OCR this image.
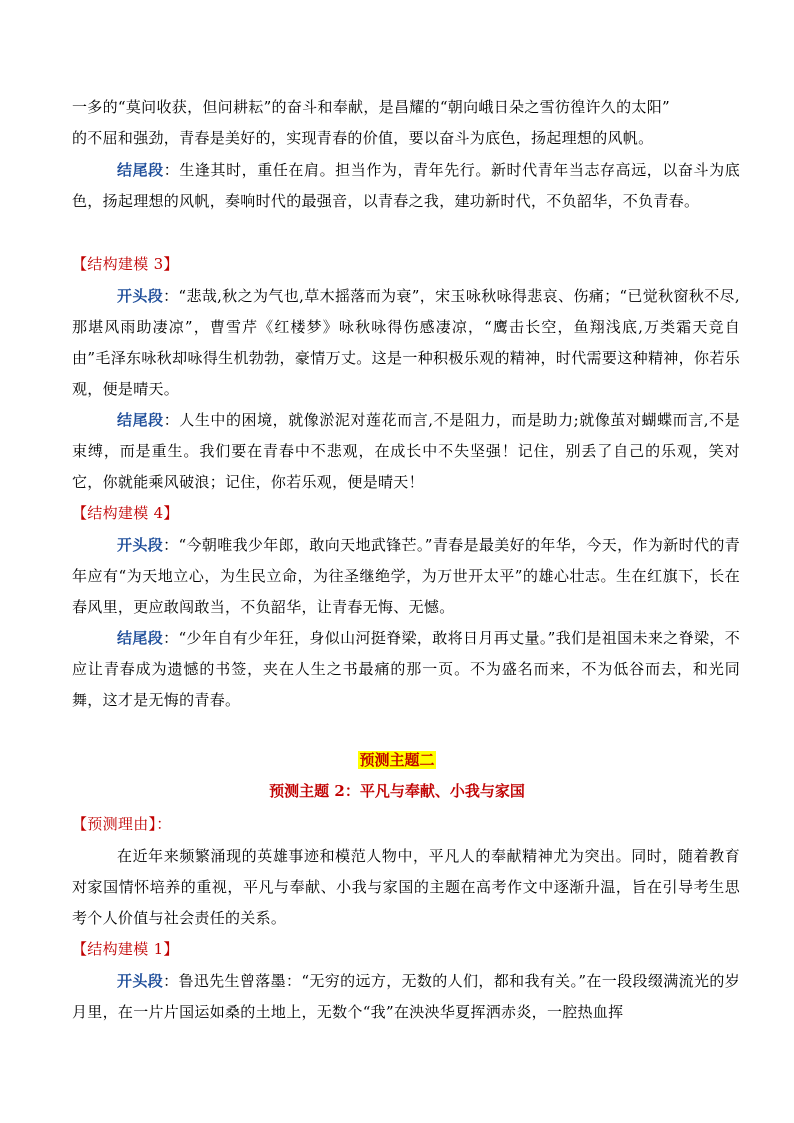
一多的“莫问收获，但问耕耘”的奋斗和奉献，是昌耀的“朝向峨日朵之雪彷徨许久的太阳”
的不屈和强劲，青春是美好的，实现青春的价值，要以奋斗为底色，扬起理想的风帆。

结尾段：生逢其时，重任在肩。担当作为，青年先行。新时代青年当志存高远，以奋斗为底色，扬起理想的风帆，奏响时代的最强音，以青春之我，建功新时代，不负韶华，不负青春。

【结构建模 3】

开头段：“悲哉,秋之为气也,草木摇落而为衰”，宋玉咏秋咏得悲哀、伤痛；“已觉秋窗秋不尽,那堪风雨助凄凉”，曹雪芹《红楼梦》咏秋咏得伤感凄凉，“鹰击长空，鱼翔浅底,万类霜天竞自由”毛泽东咏秋却咏得生机勃勃，豪情万丈。这是一种积极乐观的精神，时代需要这种精神，你若乐观，便是晴天。

结尾段：人生中的困境，就像淤泥对莲花而言,不是阻力，而是助力;就像茧对蝴蝶而言,不是束缚，而是重生。我们要在青春中不悲观，在成长中不失坚强！记住，别丢了自己的乐观，笑对它，你就能乘风破浪；记住，你若乐观，便是晴天！

【结构建模 4】

开头段：“今朝唯我少年郎，敢向天地武锋芒。”青春是最美好的年华，今天，作为新时代的青年应有“为天地立心，为生民立命，为往圣继绝学，为万世开太平”的雄心壮志。生在红旗下，长在春风里，更应敢闯敢当，不负韶华，让青春无悔、无憾。

结尾段：“少年自有少年狂，身似山河挺脊梁，敢将日月再丈量。”我们是祖国未来之脊梁，不应让青春成为遗憾的书签，夹在人生之书最痛的那一页。不为盛名而来，不为低谷而去，和光同舞，这才是无悔的青春。

预测主题二
预测主题 2：平凡与奉献、小我与家国

【预测理由】：

在近年来频繁涌现的英雄事迹和模范人物中，平凡人的奉献精神尤为突出。同时，随着教育对家国情怀培养的重视，平凡与奉献、小我与家国的主题在高考作文中逐渐升温，旨在引导考生思考个人价值与社会责任的关系。

【结构建模 1】

开头段：鲁迅先生曾落墨：“无穷的远方，无数的人们，都和我有关。”在一段段缀满流光的岁月里，在一片片国运如桑的土地上，无数个“我”在泱泱华夏挥洒赤炎，一腔热血挥
